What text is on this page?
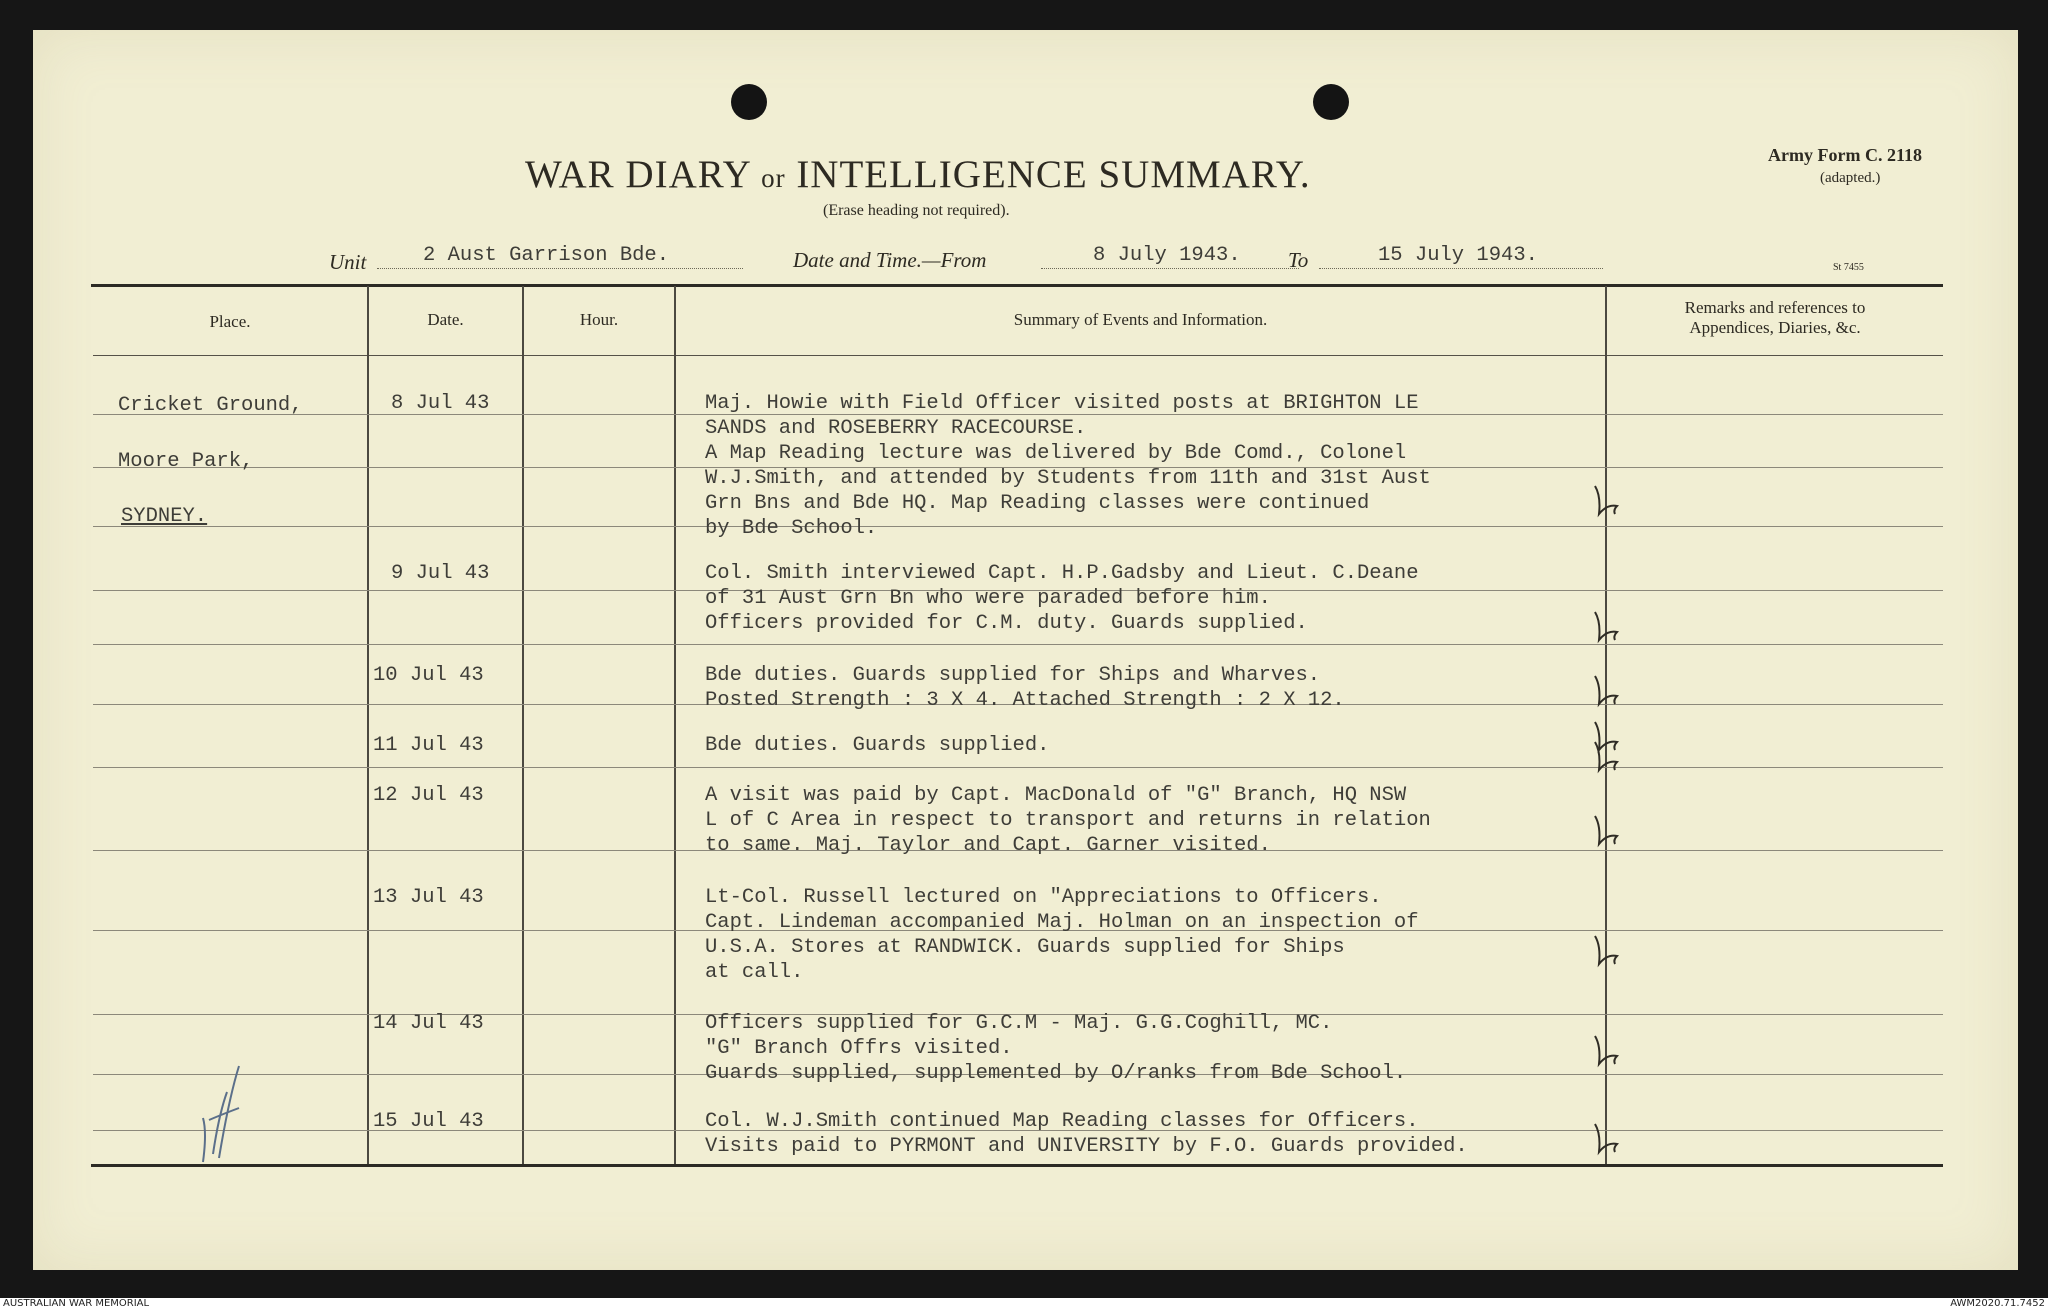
WAR DIARY or INTELLIGENCE SUMMARY.
(Erase heading not required).
Army Form C. 2118
(adapted.)
St 7455
Unit	2 Aust Garrison Bde.	Date and Time.—From	8 July 1943. To	15 July 1943.
Place.	Date.	Hour.	Summary of Events and Information.
Remarks and references to
Appendices, Diaries, &c.
Cricket Ground,
Moore Park,
SYDNEY.
8 Jul 43	Maj. Howie with Field Officer visited posts at BRIGHTON LE
SANDS and ROSEBERRY RACECOURSE.
A Map Reading lecture was delivered by Bde Comd., Colonel
W.J.Smith, and attended by Students from 11th and 31st Aust
Grn Bns and Bde HQ. Map Reading classes were continued
by Bde School.
9 Jul 43	Col. Smith interviewed Capt. H.P.Gadsby and Lieut. C.Deane
of 31 Aust Grn Bn who were paraded before him.
Officers provided for C.M. duty. Guards supplied.
10 Jul 43	Bde duties. Guards supplied for Ships and Wharves.
Posted Strength : 3 X 4. Attached Strength : 2 X 12.
11 Jul 43	Bde duties. Guards supplied.
12 Jul 43	A visit was paid by Capt. MacDonald of "G" Branch, HQ NSW
L of C Area in respect to transport and returns in relation
to same. Maj. Taylor and Capt. Garner visited.
13 Jul 43	Lt-Col. Russell lectured on "Appreciations to Officers.
Capt. Lindeman accompanied Maj. Holman on an inspection of
U.S.A. Stores at RANDWICK. Guards supplied for Ships
at call.
14 Jul 43	Officers supplied for G.C.M - Maj. G.G.Coghill, MC.
"G" Branch Offrs visited.
Guards supplied, supplemented by O/ranks from Bde School.
15 Jul 43	Col. W.J.Smith continued Map Reading classes for Officers.
Visits paid to PYRMONT and UNIVERSITY by F.O. Guards provided.
AUSTRALIAN WAR MEMORIAL	AWM2020.71.7452
